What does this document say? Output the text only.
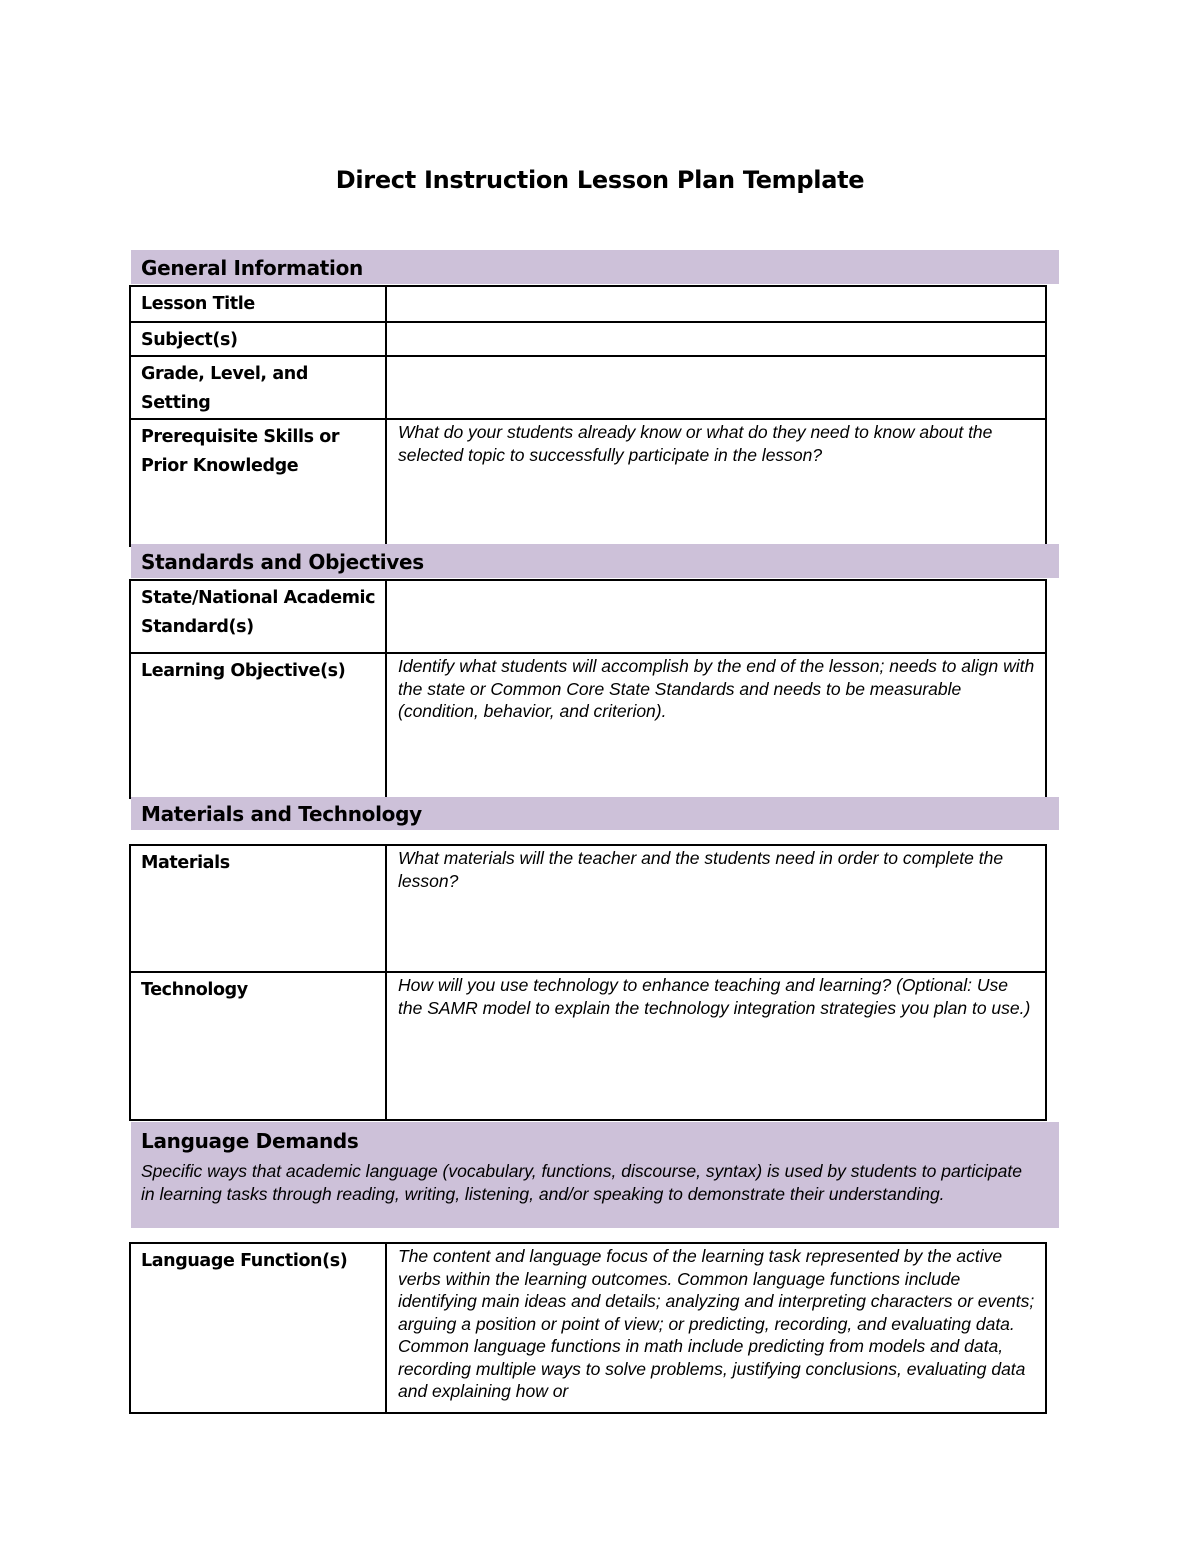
Direct Instruction Lesson Plan Template
General Information
Lesson Title	
Subject(s)	
Grade, Level, and Setting	
Prerequisite Skills or Prior Knowledge	What do your students already know or what do they need to know about the selected topic to successfully participate in the lesson?
Standards and Objectives
State/National Academic Standard(s)	
Learning Objective(s)	Identify what students will accomplish by the end of the lesson; needs to align with the state or Common Core State Standards and needs to be measurable (condition, behavior, and criterion).
Materials and Technology
Materials	What materials will the teacher and the students need in order to complete the lesson?
Technology	How will you use technology to enhance teaching and learning? (Optional: Use the SAMR model to explain the technology integration strategies you plan to use.)
Language Demands
Specific ways that academic language (vocabulary, functions, discourse, syntax) is used by students to participate in learning tasks through reading, writing, listening, and/or speaking to demonstrate their understanding.
Language Function(s)	The content and language focus of the learning task represented by the active verbs within the learning outcomes. Common language functions include identifying main ideas and details; analyzing and interpreting characters or events; arguing a position or point of view; or predicting, recording, and evaluating data. Common language functions in math include predicting from models and data, recording multiple ways to solve problems, justifying conclusions, evaluating data and explaining how or
